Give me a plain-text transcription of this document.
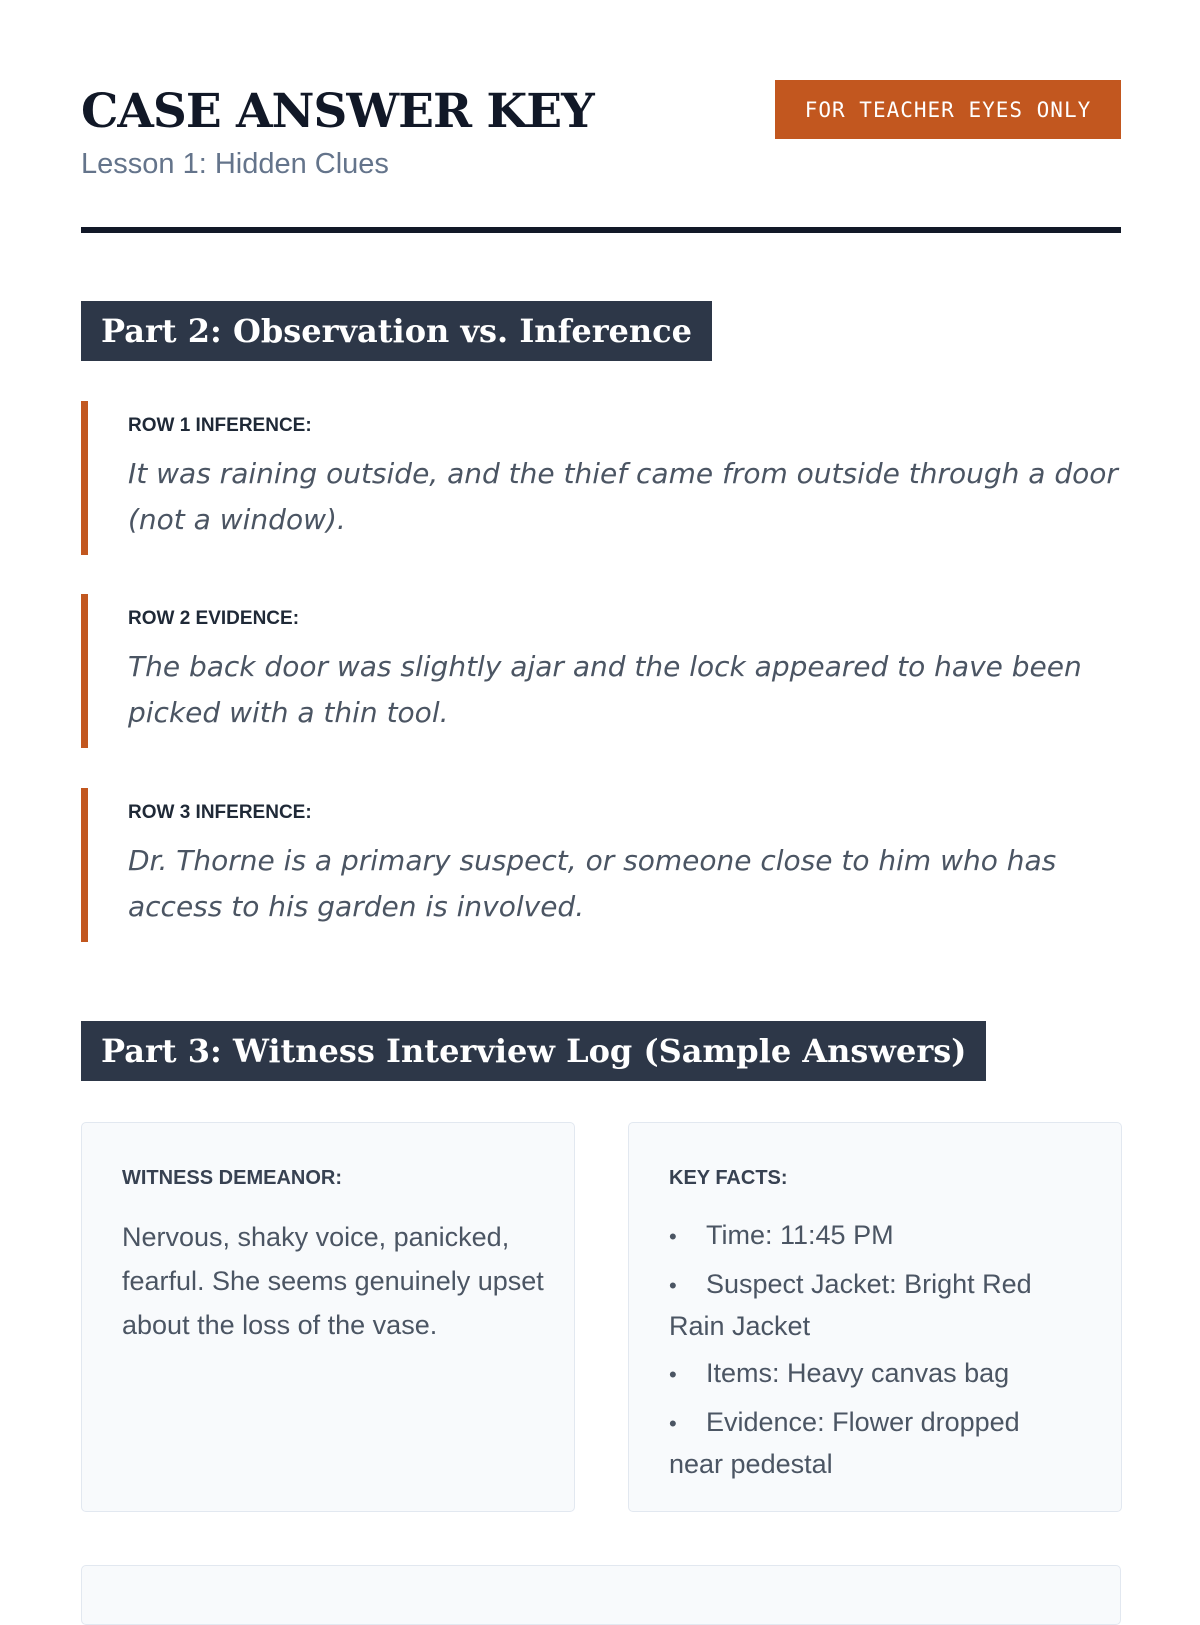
CASE ANSWER KEY
Lesson 1: Hidden Clues
FOR TEACHER EYES ONLY
Part 2: Observation vs. Inference
ROW 1 INFERENCE:
It was raining outside, and the thief came from outside through a door (not a window).
ROW 2 EVIDENCE:
The back door was slightly ajar and the lock appeared to have been picked with a thin tool.
ROW 3 INFERENCE:
Dr. Thorne is a primary suspect, or someone close to him who has access to his garden is involved.
Part 3: Witness Interview Log (Sample Answers)
WITNESS DEMEANOR:
Nervous, shaky voice, panicked, fearful. She seems genuinely upset about the loss of the vase.
KEY FACTS:
• Time: 11:45 PM
• Suspect Jacket: Bright Red Rain Jacket
• Items: Heavy canvas bag
• Evidence: Flower dropped near pedestal
